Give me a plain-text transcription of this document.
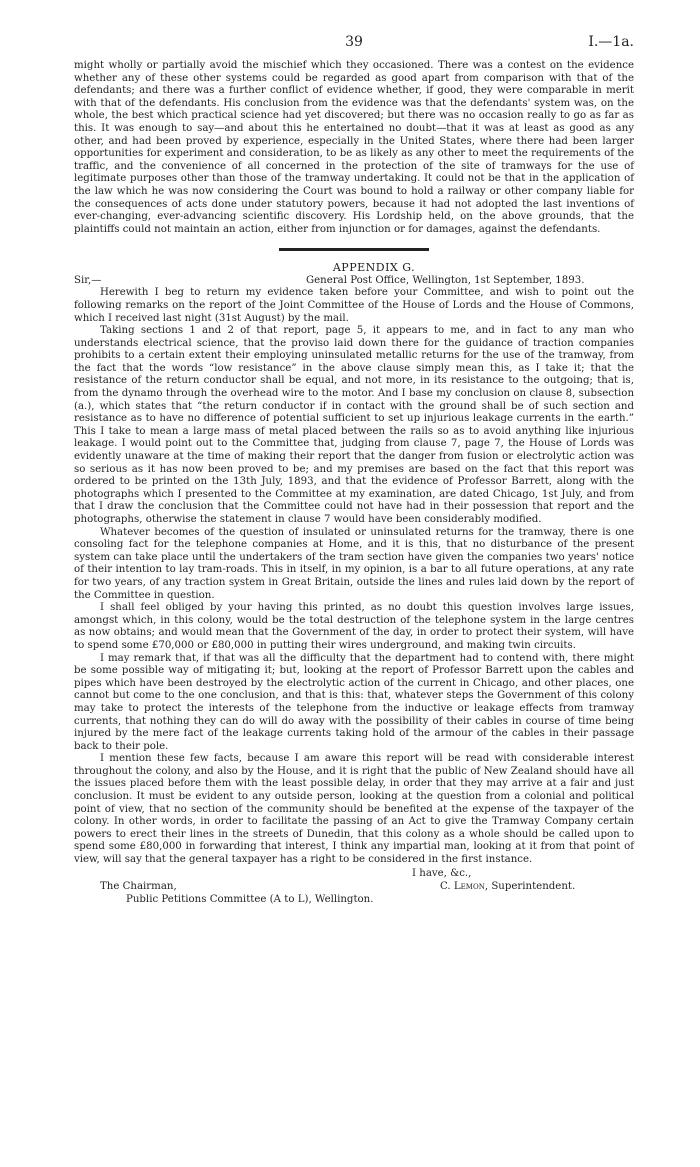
39	I.—1a.

might wholly or partially avoid the mischief which they occasioned. There was a contest on the evidence whether any of these other systems could be regarded as good apart from comparison with that of the defendants; and there was a further conflict of evidence whether, if good, they were comparable in merit with that of the defendants. His conclusion from the evidence was that the defendants' system was, on the whole, the best which practical science had yet discovered; but there was no occasion really to go as far as this. It was enough to say—and about this he entertained no doubt—that it was at least as good as any other, and had been proved by experience, especially in the United States, where there had been larger opportunities for experiment and consideration, to be as likely as any other to meet the requirements of the traffic, and the convenience of all concerned in the protection of the site of tramways for the use of legitimate purposes other than those of the tramway undertaking. It could not be that in the application of the law which he was now considering the Court was bound to hold a railway or other company liable for the consequences of acts done under statutory powers, because it had not adopted the last inventions of ever-changing, ever-advancing scientific discovery. His Lordship held, on the above grounds, that the plaintiffs could not maintain an action, either from injunction or for damages, against the defendants.

APPENDIX G.
Sir,—	General Post Office, Wellington, 1st September, 1893.

Herewith I beg to return my evidence taken before your Committee, and wish to point out the following remarks on the report of the Joint Committee of the House of Lords and the House of Commons, which I received last night (31st August) by the mail.

Taking sections 1 and 2 of that report, page 5, it appears to me, and in fact to any man who understands electrical science, that the proviso laid down there for the guidance of traction companies prohibits to a certain extent their employing uninsulated metallic returns for the use of the tramway, from the fact that the words “low resistance” in the above clause simply mean this, as I take it; that the resistance of the return conductor shall be equal, and not more, in its resistance to the outgoing; that is, from the dynamo through the overhead wire to the motor. And I base my conclusion on clause 8, subsection (a.), which states that “the return conductor if in contact with the ground shall be of such section and resistance as to have no difference of potential sufficient to set up injurious leakage currents in the earth.” This I take to mean a large mass of metal placed between the rails so as to avoid anything like injurious leakage. I would point out to the Committee that, judging from clause 7, page 7, the House of Lords was evidently unaware at the time of making their report that the danger from fusion or electrolytic action was so serious as it has now been proved to be; and my premises are based on the fact that this report was ordered to be printed on the 13th July, 1893, and that the evidence of Professor Barrett, along with the photographs which I presented to the Committee at my examination, are dated Chicago, 1st July, and from that I draw the conclusion that the Committee could not have had in their possession that report and the photographs, otherwise the statement in clause 7 would have been considerably modified.

Whatever becomes of the question of insulated or uninsulated returns for the tramway, there is one consoling fact for the telephone companies at Home, and it is this, that no disturbance of the present system can take place until the undertakers of the tram section have given the companies two years' notice of their intention to lay tram-roads. This in itself, in my opinion, is a bar to all future operations, at any rate for two years, of any traction system in Great Britain, outside the lines and rules laid down by the report of the Committee in question.

I shall feel obliged by your having this printed, as no doubt this question involves large issues, amongst which, in this colony, would be the total destruction of the telephone system in the large centres as now obtains; and would mean that the Government of the day, in order to protect their system, will have to spend some £70,000 or £80,000 in putting their wires underground, and making twin circuits.

I may remark that, if that was all the difficulty that the department had to contend with, there might be some possible way of mitigating it; but, looking at the report of Professor Barrett upon the cables and pipes which have been destroyed by the electrolytic action of the current in Chicago, and other places, one cannot but come to the one conclusion, and that is this: that, whatever steps the Government of this colony may take to protect the interests of the telephone from the inductive or leakage effects from tramway currents, that nothing they can do will do away with the possibility of their cables in course of time being injured by the mere fact of the leakage currents taking hold of the armour of the cables in their passage back to their pole.

I mention these few facts, because I am aware this report will be read with considerable interest throughout the colony, and also by the House, and it is right that the public of New Zealand should have all the issues placed before them with the least possible delay, in order that they may arrive at a fair and just conclusion. It must be evident to any outside person, looking at the question from a colonial and political point of view, that no section of the community should be benefited at the expense of the taxpayer of the colony. In other words, in order to facilitate the passing of an Act to give the Tramway Company certain powers to erect their lines in the streets of Dunedin, that this colony as a whole should be called upon to spend some £80,000 in forwarding that interest, I think any impartial man, looking at it from that point of view, will say that the general taxpayer has a right to be considered in the first instance.

I have, &c.,
The Chairman,	C. Lemon, Superintendent.
Public Petitions Committee (A to L), Wellington.
